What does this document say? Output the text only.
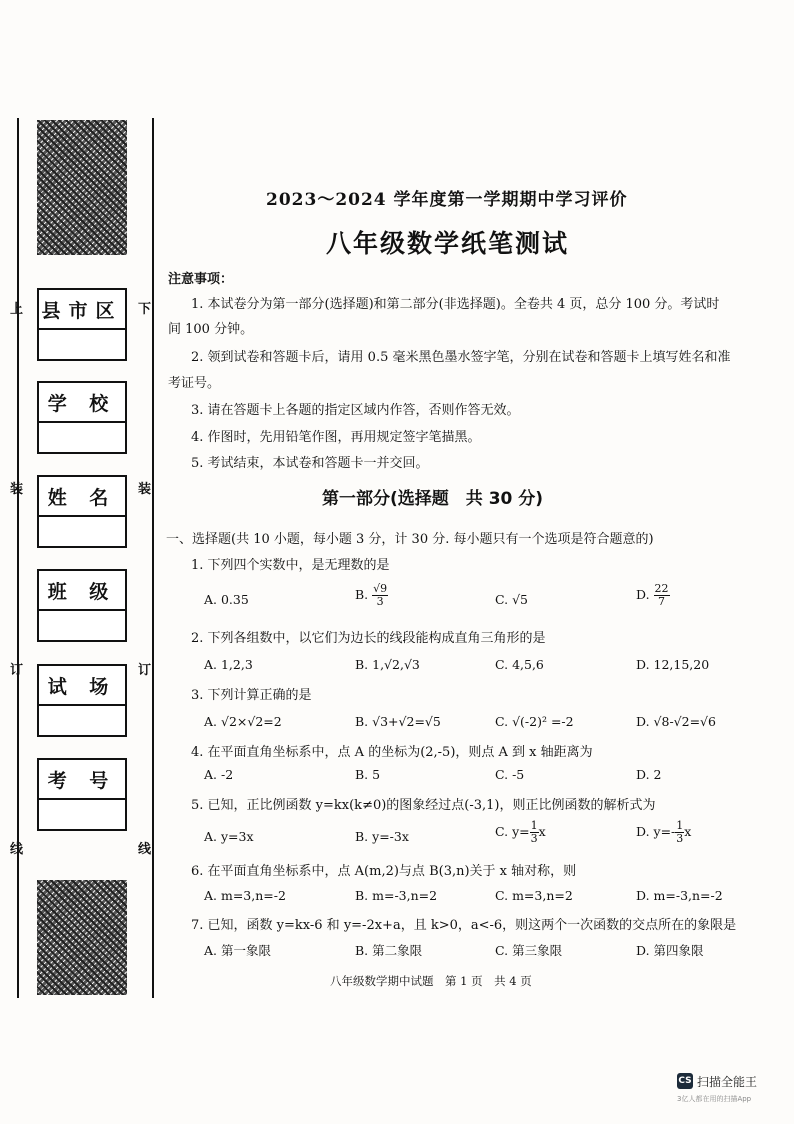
县市区
学 校
姓 名
班 级
试 场
考 号
上
装
订
线
下
装
订
线
2023～2024 学年度第一学期期中学习评价
八年级数学纸笔测试
注意事项：
1. 本试卷分为第一部分(选择题)和第二部分(非选择题)。全卷共 4 页，总分 100 分。考试时
间 100 分钟。
2. 领到试卷和答题卡后，请用 0.5 毫米黑色墨水签字笔，分别在试卷和答题卡上填写姓名和准
考证号。
3. 请在答题卡上各题的指定区域内作答，否则作答无效。
4. 作图时，先用铅笔作图，再用规定签字笔描黑。
5. 考试结束，本试卷和答题卡一并交回。
第一部分(选择题　共 30 分)
一、选择题(共 10 小题，每小题 3 分，计 30 分. 每小题只有一个选项是符合题意的)
1. 下列四个实数中，是无理数的是
A. 0.35	B. $\frac{√9}{3}$	C. √5	D. $\frac{22}{7}$
2. 下列各组数中，以它们为边长的线段能构成直角三角形的是
A. 1,2,3	B. 1,√2,√3	C. 4,5,6	D. 12,15,20
3. 下列计算正确的是
A. √2×√2=2	B. √3+√2=√5	C. √(-2)² =-2	D. √8-√2=√6
4. 在平面直角坐标系中，点 A 的坐标为(2,-5)，则点 A 到 x 轴距离为
A. -2	B. 5	C. -5	D. 2
5. 已知，正比例函数 y=kx(k≠0)的图象经过点(-3,1)，则正比例函数的解析式为
A. y=3x	B. y=-3x	C. $y= \frac{1}{3}$ x	D. $y=- \frac{1}{3}$ x
6. 在平面直角坐标系中，点 A(m,2)与点 B(3,n)关于 x 轴对称，则
A. m=3,n=-2	B. m=-3,n=2	C. m=3,n=2	D. m=-3,n=-2
7. 已知，函数 y=kx-6 和 y=-2x+a，且 k>0，a<-6，则这两个一次函数的交点所在的象限是
A. 第一象限	B. 第二象限	C. 第三象限	D. 第四象限
八年级数学期中试题　第 1 页　共 4 页
CS 扫描全能王
3亿人都在用的扫描App
